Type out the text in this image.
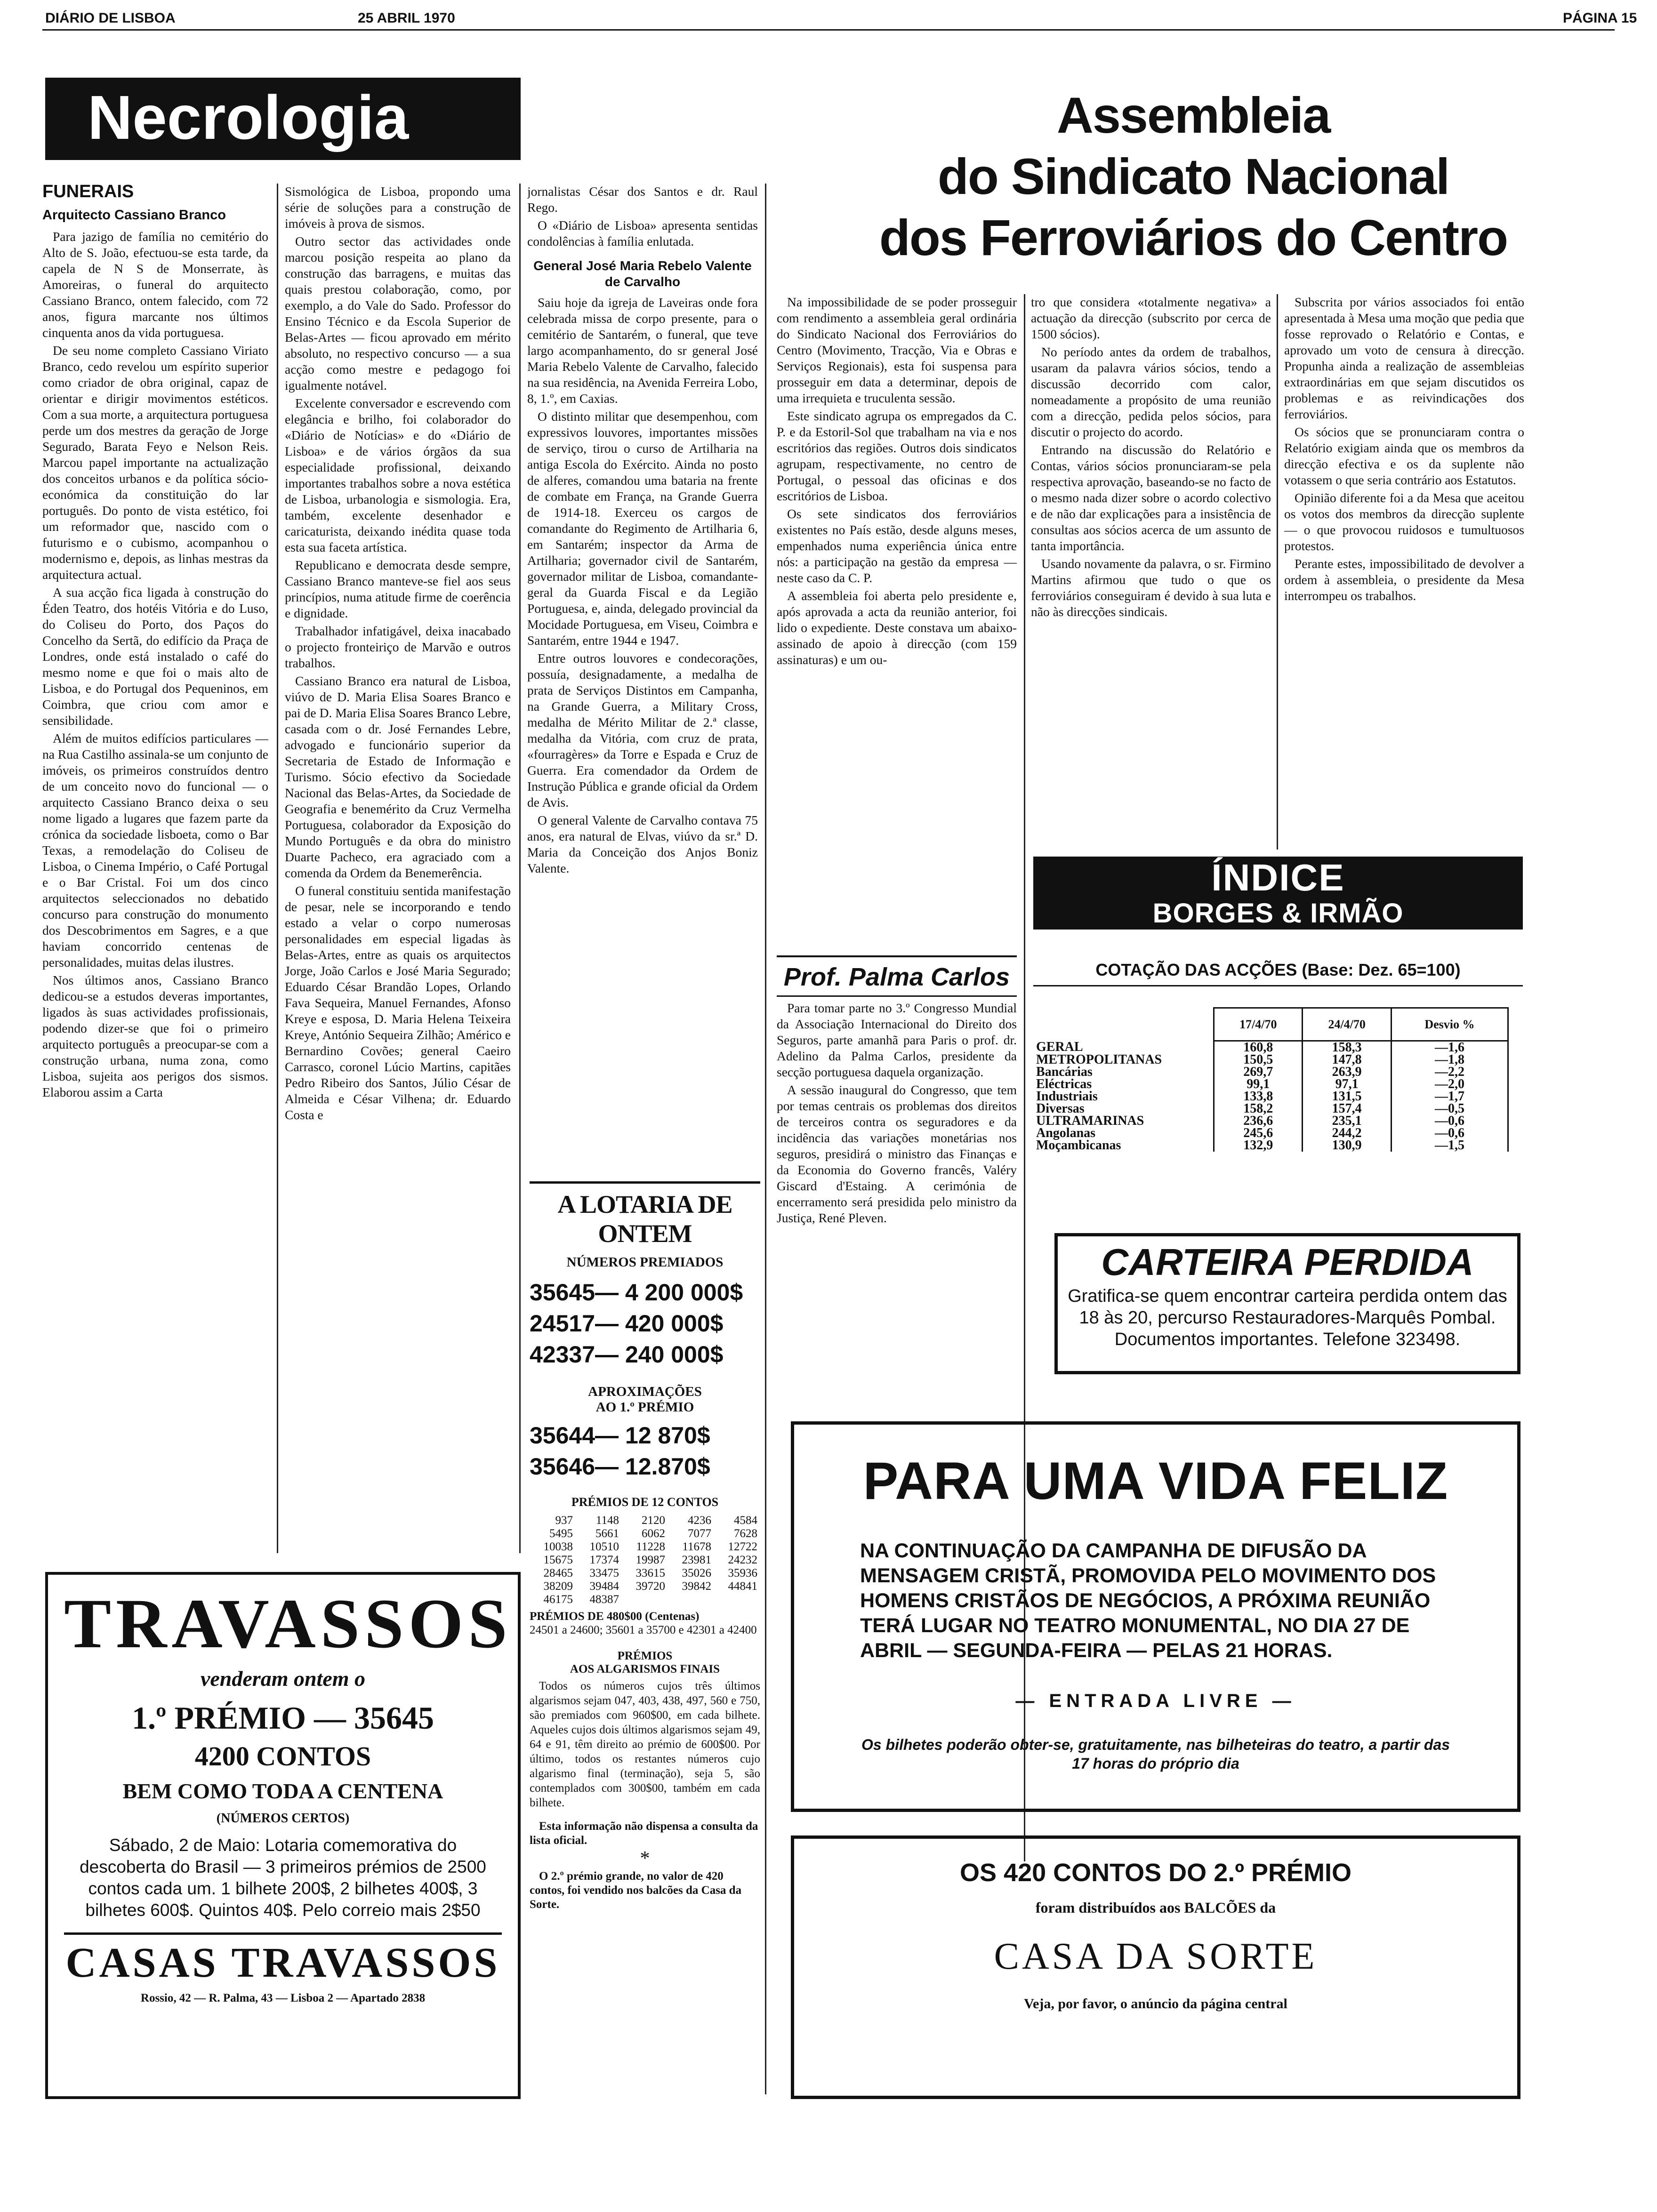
DIÁRIO DE LISBOA	25 ABRIL 1970	PÁGINA 15
Necrologia
FUNERAIS
Arquitecto Cassiano Branco

Para jazigo de família no cemitério do Alto de S. João, efectuou-se esta tarde, da capela de N S de Monserrate, às Amoreiras, o funeral do arquitecto Cassiano Branco, ontem falecido, com 72 anos, figura marcante nos últimos cinquenta anos da vida portuguesa.

De seu nome completo Cassiano Viriato Branco, cedo revelou um espírito superior como criador de obra original, capaz de orientar e dirigir movimentos estéticos. Com a sua morte, a arquitectura portuguesa perde um dos mestres da geração de Jorge Segurado, Barata Feyo e Nelson Reis. Marcou papel importante na actualização dos conceitos urbanos e da política sócio-económica da constituição do lar português. Do ponto de vista estético, foi um reformador que, nascido com o futurismo e o cubismo, acompanhou o modernismo e, depois, as linhas mestras da arquitectura actual.

A sua acção fica ligada à construção do Éden Teatro, dos hotéis Vitória e do Luso, do Coliseu do Porto, dos Paços do Concelho da Sertã, do edifício da Praça de Londres, onde está instalado o café do mesmo nome e que foi o mais alto de Lisboa, e do Portugal dos Pequeninos, em Coimbra, que criou com amor e sensibilidade.

Além de muitos edifícios particulares — na Rua Castilho assinala-se um conjunto de imóveis, os primeiros construídos dentro de um conceito novo do funcional — o arquitecto Cassiano Branco deixa o seu nome ligado a lugares que fazem parte da crónica da sociedade lisboeta, como o Bar Texas, a remodelação do Coliseu de Lisboa, o Cinema Império, o Café Portugal e o Bar Cristal. Foi um dos cinco arquitectos seleccionados no debatido concurso para construção do monumento dos Descobrimentos em Sagres, e a que haviam concorrido centenas de personalidades, muitas delas ilustres.

Nos últimos anos, Cassiano Branco dedicou-se a estudos deveras importantes, ligados às suas actividades profissionais, podendo dizer-se que foi o primeiro arquitecto português a preocupar-se com a construção urbana, numa zona, como Lisboa, sujeita aos perigos dos sismos. Elaborou assim a Carta

Sismológica de Lisboa, propondo uma série de soluções para a construção de imóveis à prova de sismos.

Outro sector das actividades onde marcou posição respeita ao plano da construção das barragens, e muitas das quais prestou colaboração, como, por exemplo, a do Vale do Sado. Professor do Ensino Técnico e da Escola Superior de Belas-Artes — ficou aprovado em mérito absoluto, no respectivo concurso — a sua acção como mestre e pedagogo foi igualmente notável.

Excelente conversador e escrevendo com elegância e brilho, foi colaborador do «Diário de Notícias» e do «Diário de Lisboa» e de vários órgãos da sua especialidade profissional, deixando importantes trabalhos sobre a nova estética de Lisboa, urbanologia e sismologia. Era, também, excelente desenhador e caricaturista, deixando inédita quase toda esta sua faceta artística.

Republicano e democrata desde sempre, Cassiano Branco manteve-se fiel aos seus princípios, numa atitude firme de coerência e dignidade.

Trabalhador infatigável, deixa inacabado o projecto fronteiriço de Marvão e outros trabalhos.

Cassiano Branco era natural de Lisboa, viúvo de D. Maria Elisa Soares Branco e pai de D. Maria Elisa Soares Branco Lebre, casada com o dr. José Fernandes Lebre, advogado e funcionário superior da Secretaria de Estado de Informação e Turismo. Sócio efectivo da Sociedade Nacional das Belas-Artes, da Sociedade de Geografia e benemérito da Cruz Vermelha Portuguesa, colaborador da Exposição do Mundo Português e da obra do ministro Duarte Pacheco, era agraciado com a comenda da Ordem da Benemerência.

O funeral constituiu sentida manifestação de pesar, nele se incorporando e tendo estado a velar o corpo numerosas personalidades em especial ligadas às Belas-Artes, entre as quais os arquitectos Jorge, João Carlos e José Maria Segurado; Eduardo César Brandão Lopes, Orlando Fava Sequeira, Manuel Fernandes, Afonso Kreye e esposa, D. Maria Helena Teixeira Kreye, António Sequeira Zilhão; Américo e Bernardino Covões; general Caeiro Carrasco, coronel Lúcio Martins, capitães Pedro Ribeiro dos Santos, Júlio César de Almeida e César Vilhena; dr. Eduardo Costa e

jornalistas César dos Santos e dr. Raul Rego.

O «Diário de Lisboa» apresenta sentidas condolências à família enlutada.

General José Maria Rebelo Valente de Carvalho

Saiu hoje da igreja de Laveiras onde fora celebrada missa de corpo presente, para o cemitério de Santarém, o funeral, que teve largo acompanhamento, do sr general José Maria Rebelo Valente de Carvalho, falecido na sua residência, na Avenida Ferreira Lobo, 8, 1.º, em Caxias.

O distinto militar que desempenhou, com expressivos louvores, importantes missões de serviço, tirou o curso de Artilharia na antiga Escola do Exército. Ainda no posto de alferes, comandou uma bataria na frente de combate em França, na Grande Guerra de 1914-18. Exerceu os cargos de comandante do Regimento de Artilharia 6, em Santarém; inspector da Arma de Artilharia; governador civil de Santarém, governador militar de Lisboa, comandante-geral da Guarda Fiscal e da Legião Portuguesa, e, ainda, delegado provincial da Mocidade Portuguesa, em Viseu, Coimbra e Santarém, entre 1944 e 1947.

Entre outros louvores e condecorações, possuía, designadamente, a medalha de prata de Serviços Distintos em Campanha, na Grande Guerra, a Military Cross, medalha de Mérito Militar de 2.ª classe, medalha da Vitória, com cruz de prata, «fourragères» da Torre e Espada e Cruz de Guerra. Era comendador da Ordem de Instrução Pública e grande oficial da Ordem de Avis.

O general Valente de Carvalho contava 75 anos, era natural de Elvas, viúvo da sr.ª D. Maria da Conceição dos Anjos Boniz Valente.

A LOTARIA DE ONTEM
NÚMEROS PREMIADOS
35645— 4 200 000$
24517— 420 000$
42337— 240 000$
APROXIMAÇÕES
AO 1.º PRÉMIO
35644— 12 870$
35646— 12.870$
PRÉMIOS DE 12 CONTOS
937	1148	2120	4236	4584
5495	5661	6062	7077	7628
10038	10510	11228	11678	12722
15675	17374	19987	23981	24232
28465	33475	33615	35026	35936
38209	39484	39720	39842	44841
46175	48387			
PRÉMIOS DE 480$00 (Centenas)
24501 a 24600; 35601 a 35700 e 42301 a 42400
PRÉMIOS
AOS ALGARISMOS FINAIS
Todos os números cujos três últimos algarismos sejam 047, 403, 438, 497, 560 e 750, são premiados com 960$00, em cada bilhete. Aqueles cujos dois últimos algarismos sejam 49, 64 e 91, têm direito ao prémio de 600$00. Por último, todos os restantes números cujo algarismo final (terminação), seja 5, são contemplados com 300$00, também em cada bilhete.
Esta informação não dispensa a consulta da lista oficial.
*
O 2.º prémio grande, no valor de 420 contos, foi vendido nos balcões da Casa da Sorte.
TRAVASSOS
venderam ontem o
1.º PRÉMIO — 35645
4200 CONTOS
BEM COMO TODA A CENTENA
(NÚMEROS CERTOS)
Sábado, 2 de Maio: Lotaria comemorativa do descoberta do Brasil — 3 primeiros prémios de 2500 contos cada um. 1 bilhete 200$, 2 bilhetes 400$, 3 bilhetes 600$. Quintos 40$. Pelo correio mais 2$50
CASAS TRAVASSOS
Rossio, 42 — R. Palma, 43 — Lisboa 2 — Apartado 2838
Assembleia
do Sindicato Nacional
dos Ferroviários do Centro

Na impossibilidade de se poder prosseguir com rendimento a assembleia geral ordinária do Sindicato Nacional dos Ferroviários do Centro (Movimento, Tracção, Via e Obras e Serviços Regionais), esta foi suspensa para prosseguir em data a determinar, depois de uma irrequieta e truculenta sessão.

Este sindicato agrupa os empregados da C. P. e da Estoril-Sol que trabalham na via e nos escritórios das regiões. Outros dois sindicatos agrupam, respectivamente, no centro de Portugal, o pessoal das oficinas e dos escritórios de Lisboa.

Os sete sindicatos dos ferroviários existentes no País estão, desde alguns meses, empenhados numa experiência única entre nós: a participação na gestão da empresa — neste caso da C. P.

A assembleia foi aberta pelo presidente e, após aprovada a acta da reunião anterior, foi lido o expediente. Deste constava um abaixo-assinado de apoio à direcção (com 159 assinaturas) e um ou-

tro que considera «totalmente negativa» a actuação da direcção (subscrito por cerca de 1500 sócios).

No período antes da ordem de trabalhos, usaram da palavra vários sócios, tendo a discussão decorrido com calor, nomeadamente a propósito de uma reunião com a direcção, pedida pelos sócios, para discutir o projecto do acordo.

Entrando na discussão do Relatório e Contas, vários sócios pronunciaram-se pela respectiva aprovação, baseando-se no facto de o mesmo nada dizer sobre o acordo colectivo e de não dar explicações para a insistência de consultas aos sócios acerca de um assunto de tanta importância.

Usando novamente da palavra, o sr. Firmino Martins afirmou que tudo o que os ferroviários conseguiram é devido à sua luta e não às direcções sindicais.

Subscrita por vários associados foi então apresentada à Mesa uma moção que pedia que fosse reprovado o Relatório e Contas, e aprovado um voto de censura à direcção. Propunha ainda a realização de assembleias extraordinárias em que sejam discutidos os problemas e as reivindicações dos ferroviários.

Os sócios que se pronunciaram contra o Relatório exigiam ainda que os membros da direcção efectiva e os da suplente não votassem o que seria contrário aos Estatutos.

Opinião diferente foi a da Mesa que aceitou os votos dos membros da direcção suplente — o que provocou ruidosos e tumultuosos protestos.

Perante estes, impossibilitado de devolver a ordem à assembleia, o presidente da Mesa interrompeu os trabalhos.

Prof. Palma Carlos

Para tomar parte no 3.º Congresso Mundial da Associação Internacional do Direito dos Seguros, parte amanhã para Paris o prof. dr. Adelino da Palma Carlos, presidente da secção portuguesa daquela organização.

A sessão inaugural do Congresso, que tem por temas centrais os problemas dos direitos de terceiros contra os seguradores e da incidência das variações monetárias nos seguros, presidirá o ministro das Finanças e da Economia do Governo francês, Valéry Giscard d'Estaing. A cerimónia de encerramento será presidida pelo ministro da Justiça, René Pleven.

ÍNDICE
BORGES & IRMÃO
COTAÇÃO DAS ACÇÕES (Base: Dez. 65=100)
	17/4/70	24/4/70	Desvio %
GERAL	160,8	158,3	—1,6
METROPOLITANAS	150,5	147,8	—1,8
Bancárias	269,7	263,9	—2,2
Eléctricas	99,1	97,1	—2,0
Industriais	133,8	131,5	—1,7
Diversas	158,2	157,4	—0,5
ULTRAMARINAS	236,6	235,1	—0,6
Angolanas	245,6	244,2	—0,6
Moçambicanas	132,9	130,9	—1,5
CARTEIRA PERDIDA
Gratifica-se quem encontrar carteira perdida ontem das 18 às 20, percurso Restauradores-Marquês Pombal. Documentos importantes. Telefone 323498.
PARA UMA VIDA FELIZ
NA CONTINUAÇÃO DA CAMPANHA DE DIFUSÃO DA MENSAGEM CRISTÃ, PROMOVIDA PELO MOVIMENTO DOS HOMENS CRISTÃOS DE NEGÓCIOS, A PRÓXIMA REUNIÃO TERÁ LUGAR NO TEATRO MONUMENTAL, NO DIA 27 DE ABRIL — SEGUNDA-FEIRA — PELAS 21 HORAS.
— ENTRADA LIVRE —
Os bilhetes poderão obter-se, gratuitamente, nas bilheteiras do teatro, a partir das 17 horas do próprio dia
OS 420 CONTOS DO 2.º PRÉMIO
foram distribuídos aos BALCÕES da
CASA DA SORTE
Veja, por favor, o anúncio da página central
